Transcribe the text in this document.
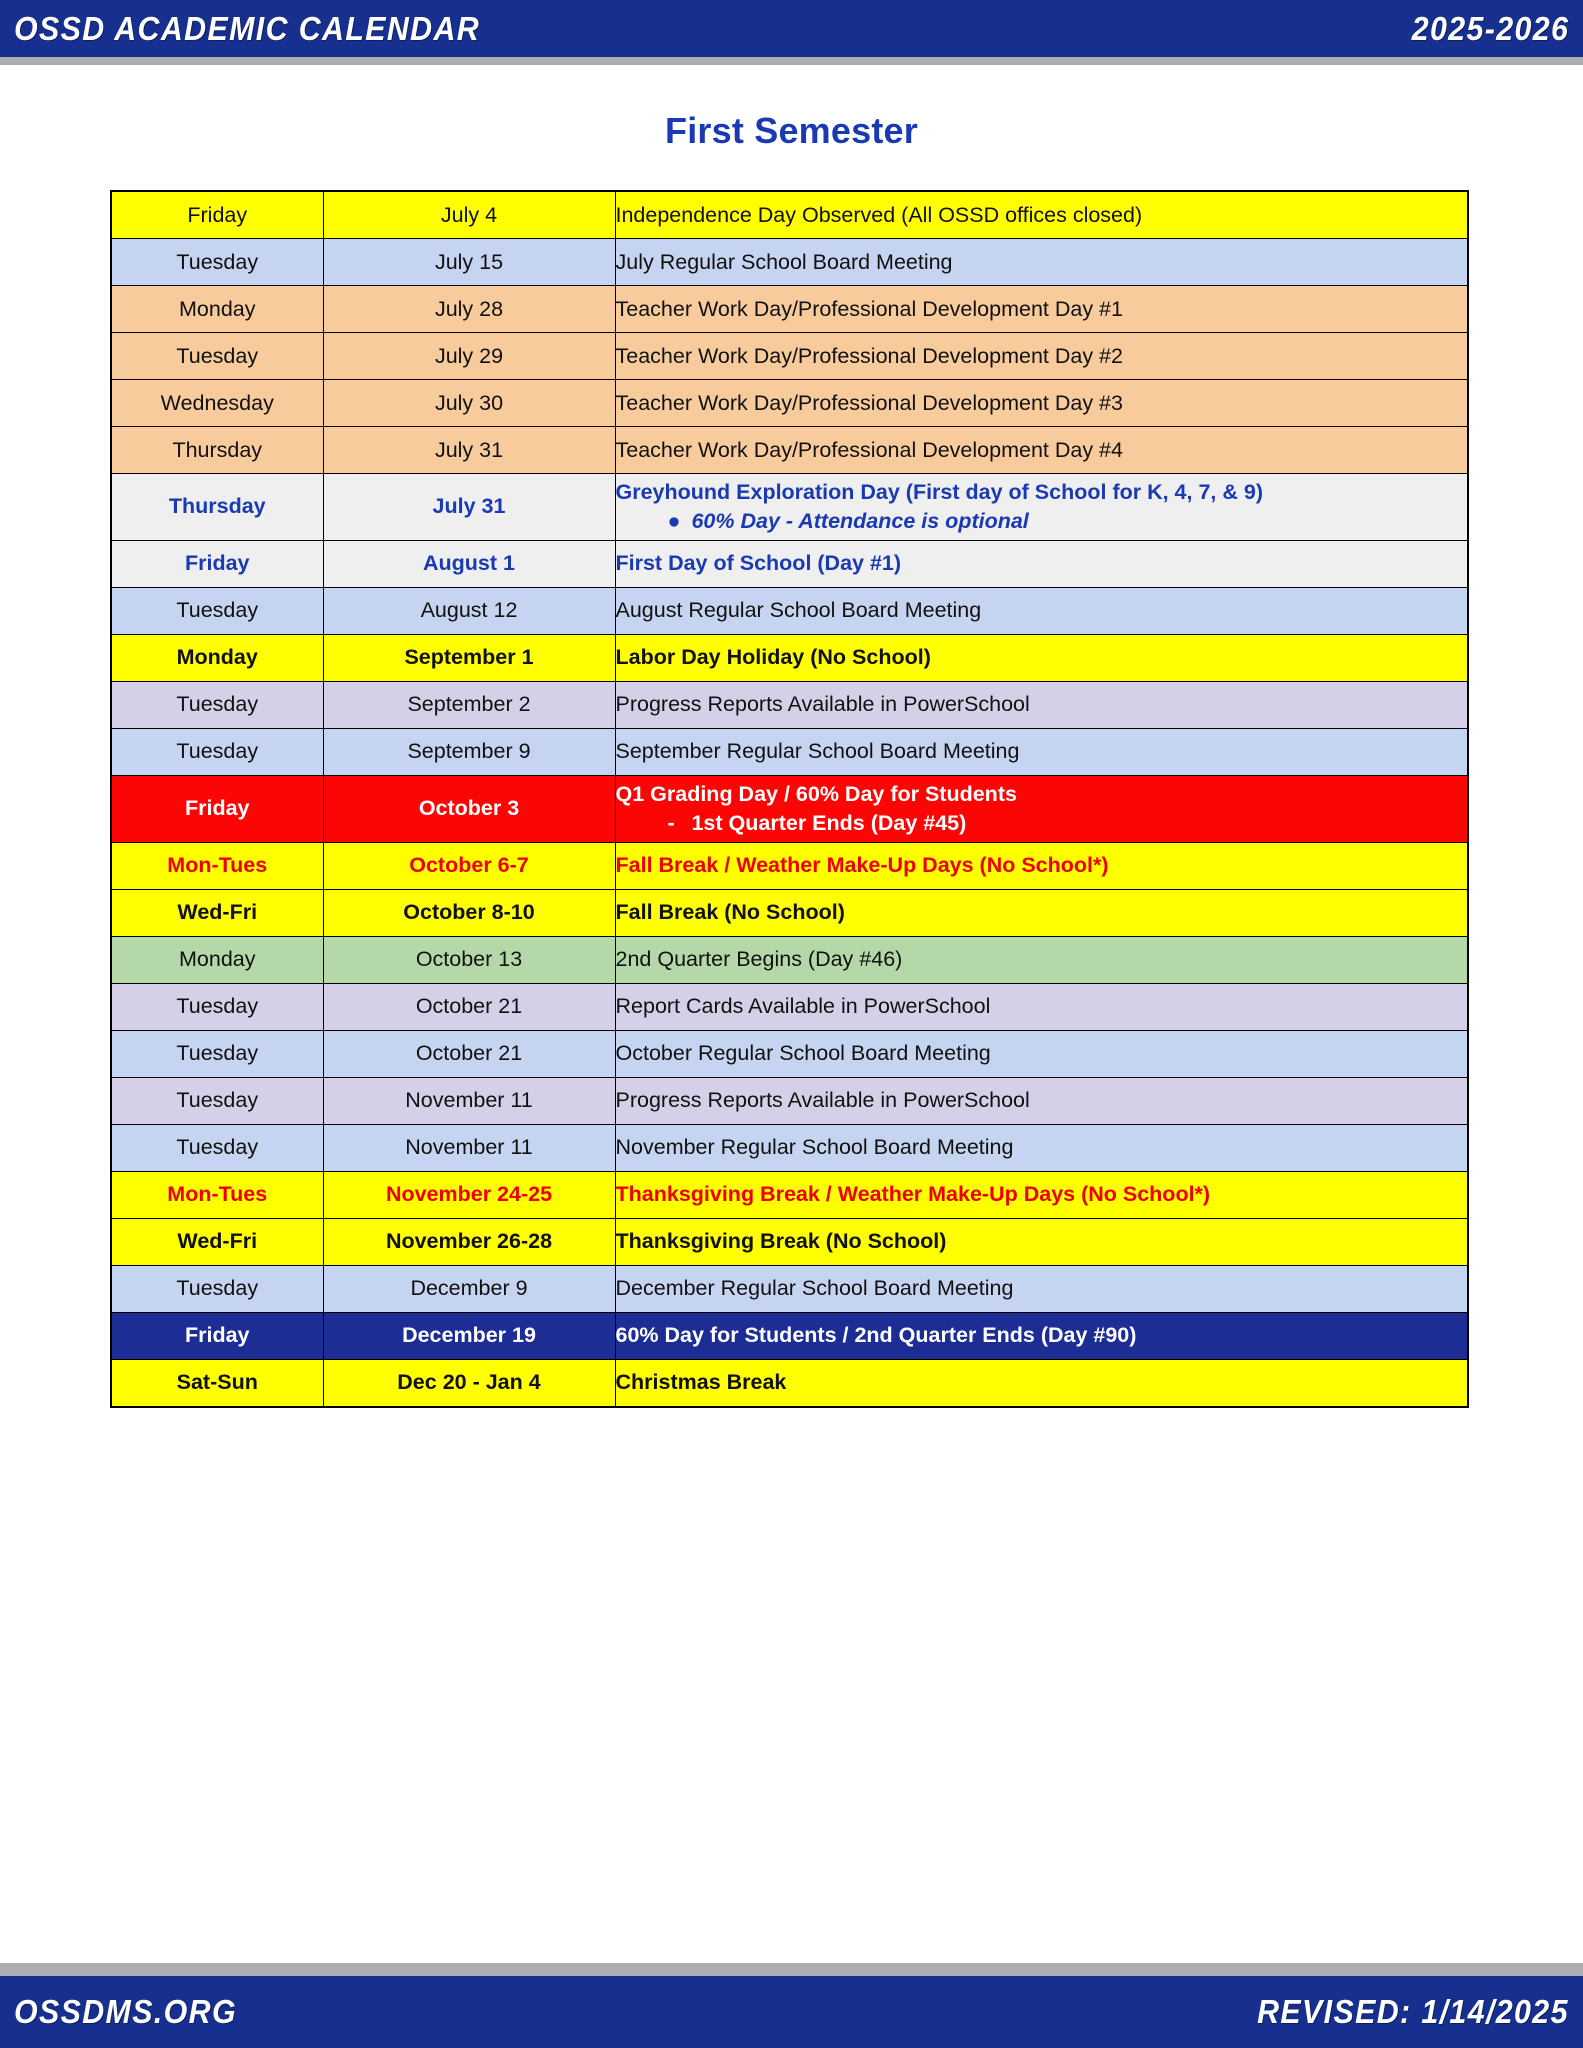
OSSD ACADEMIC CALENDAR	2025-2026
First Semester
Friday	July 4	Independence Day Observed (All OSSD offices closed)
Tuesday	July 15	July Regular School Board Meeting
Monday	July 28	Teacher Work Day/Professional Development Day #1
Tuesday	July 29	Teacher Work Day/Professional Development Day #2
Wednesday	July 30	Teacher Work Day/Professional Development Day #3
Thursday	July 31	Teacher Work Day/Professional Development Day #4
Thursday	July 31	Greyhound Exploration Day (First day of School for K, 4, 7, & 9)
● 60% Day - Attendance is optional

Friday	August 1	First Day of School (Day #1)
Tuesday	August 12	August Regular School Board Meeting
Monday	September 1	Labor Day Holiday (No School)
Tuesday	September 2	Progress Reports Available in PowerSchool
Tuesday	September 9	September Regular School Board Meeting
Friday	October 3	Q1 Grading Day / 60% Day for Students
- 1st Quarter Ends (Day #45)

Mon-Tues	October 6-7	Fall Break / Weather Make-Up Days (No School*)
Wed-Fri	October 8-10	Fall Break (No School)
Monday	October 13	2nd Quarter Begins (Day #46)
Tuesday	October 21	Report Cards Available in PowerSchool
Tuesday	October 21	October Regular School Board Meeting
Tuesday	November 11	Progress Reports Available in PowerSchool
Tuesday	November 11	November Regular School Board Meeting
Mon-Tues	November 24-25	Thanksgiving Break / Weather Make-Up Days (No School*)
Wed-Fri	November 26-28	Thanksgiving Break (No School)
Tuesday	December 9	December Regular School Board Meeting
Friday	December 19	60% Day for Students / 2nd Quarter Ends (Day #90)
Sat-Sun	Dec 20 - Jan 4	Christmas Break
OSSDMS.ORG	REVISED: 1/14/2025
